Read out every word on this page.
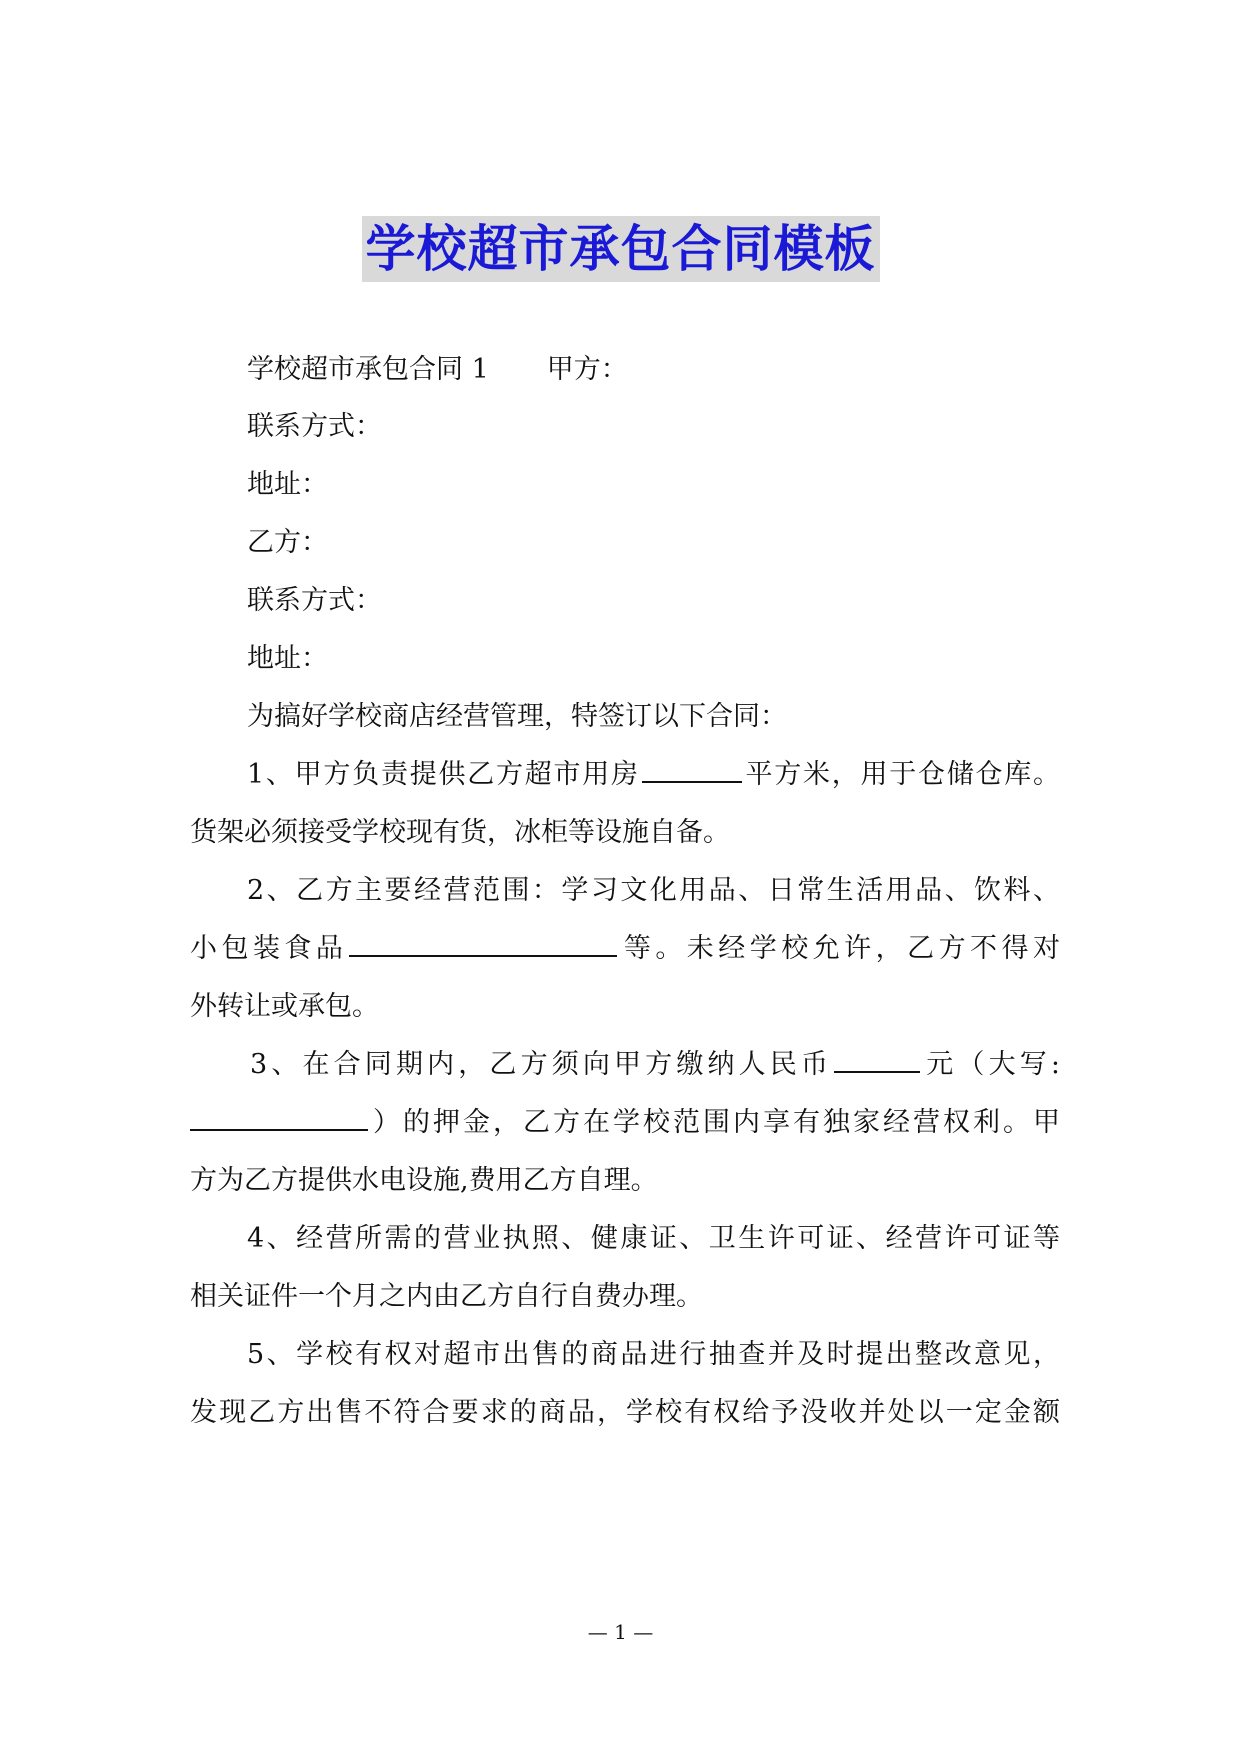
学校超市承包合同模板
学校超市承包合同 1 甲方：
联系方式：
地址：
乙方：
联系方式：
地址：
为搞好学校商店经营管理，特签订以下合同：
1、甲方负责提供乙方超市用房	平方米，用于仓储仓库。
货架必须接受学校现有货，冰柜等设施自备。
2、乙方主要经营范围：学习文化用品、日常生活用品、饮料、
小包装食品	等。未经学校允许，乙方不得对
外转让或承包。
3、在合同期内，乙方须向甲方缴纳人民币	元（大写:
）的押金，乙方在学校范围内享有独家经营权利。甲
方为乙方提供水电设施,费用乙方自理。
4、经营所需的营业执照、健康证、卫生许可证、经营许可证等
相关证件一个月之内由乙方自行自费办理。
5、学校有权对超市出售的商品进行抽查并及时提出整改意见，
发现乙方出售不符合要求的商品，学校有权给予没收并处以一定金额
— 1 —
